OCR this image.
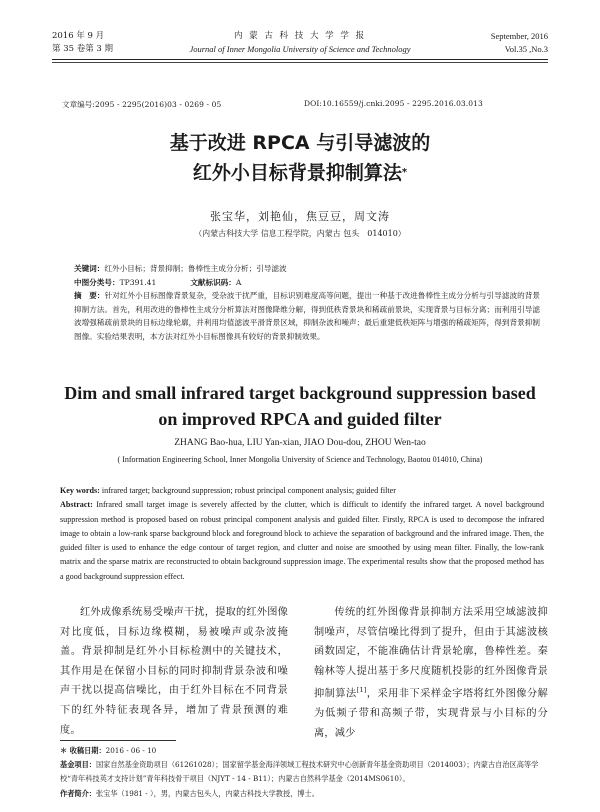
2016 年 9 月
第 35 卷第 3 期
内 蒙 古 科 技 大 学 学 报
Journal of Inner Mongolia University of Science and Technology
September, 2016
Vol.35 ,No.3
文章编号:2095 - 2295(2016)03 - 0269 - 05	DOI:10.16559/j.cnki.2095 - 2295.2016.03.013
基于改进 RPCA 与引导滤波的
红外小目标背景抑制算法*
张宝华，刘艳仙，焦豆豆，周文涛
（内蒙古科技大学 信息工程学院，内蒙古 包头　014010）
关键词：红外小目标；背景抑制；鲁棒性主成分分析；引导滤波
中图分类号：TP391.41	文献标识码：A
摘　要：针对红外小目标图像背景复杂，受杂波干扰严重，目标识别难度高等问题，提出一种基于改进鲁棒性主成分分析与引导滤波的背景抑制方法。首先，利用改进的鲁棒性主成分分析算法对图像降维分解，得到低秩背景块和稀疏前景块，实现背景与目标分离；而利用引导滤波增强稀疏前景块的目标边缘轮廓，并利用均值滤波平滑背景区域，抑制杂波和噪声；最后重建低秩矩阵与增强的稀疏矩阵，得到背景抑制图像。实验结果表明，本方法对红外小目标图像具有较好的背景抑制效果。
Dim and small infrared target background suppression based
on improved RPCA and guided filter
ZHANG Bao-hua, LIU Yan-xian, JIAO Dou-dou, ZHOU Wen-tao
( Information Engineering School, Inner Mongolia University of Science and Technology, Baotou 014010, China)
Key words: infrared target; background suppression; robust principal component analysis; guided filter
Abstract: Infrared small target image is severely affected by the clutter, which is difficult to identify the infrared target. A novel background suppression method is proposed based on robust principal component analysis and guided filter. Firstly, RPCA is used to decompose the infrared image to obtain a low-rank sparse background block and foreground block to achieve the separation of background and the infrared image. Then, the guided filter is used to enhance the edge contour of target region, and clutter and noise are smoothed by using mean filter. Finally, the low-rank matrix and the sparse matrix are reconstructed to obtain background suppression image. The experimental results show that the proposed method has a good background suppression effect.
红外成像系统易受噪声干扰，提取的红外图像对比度低，目标边缘模糊，易被噪声或杂波掩盖。背景抑制是红外小目标检测中的关键技术，其作用是在保留小目标的同时抑制背景杂波和噪声干扰以提高信噪比，由于红外目标在不同背景下的红外特征表现各异，增加了背景预测的难度。
传统的红外图像背景抑制方法采用空域滤波抑制噪声，尽管信噪比得到了提升，但由于其滤波核函数固定，不能准确估计背景轮廓，鲁棒性差。秦翰林等人提出基于多尺度随机投影的红外图像背景抑制算法[1]，采用非下采样金字塔将红外图像分解为低频子带和高频子带，实现背景与小目标的分离，减少
＊ 收稿日期：2016 - 06 - 10
基金项目：国家自然基金资助项目（61261028）；国家留学基金海洋领域工程技术研究中心创新青年基金资助项目（2014003）；内蒙古自治区高等学校“青年科技英才支持计划”青年科技骨干项目（NJYT - 14 - B11）；内蒙古自然科学基金（2014MS0610）。
作者简介：张宝华（1981 - ），男，内蒙古包头人，内蒙古科技大学教授，博士。
